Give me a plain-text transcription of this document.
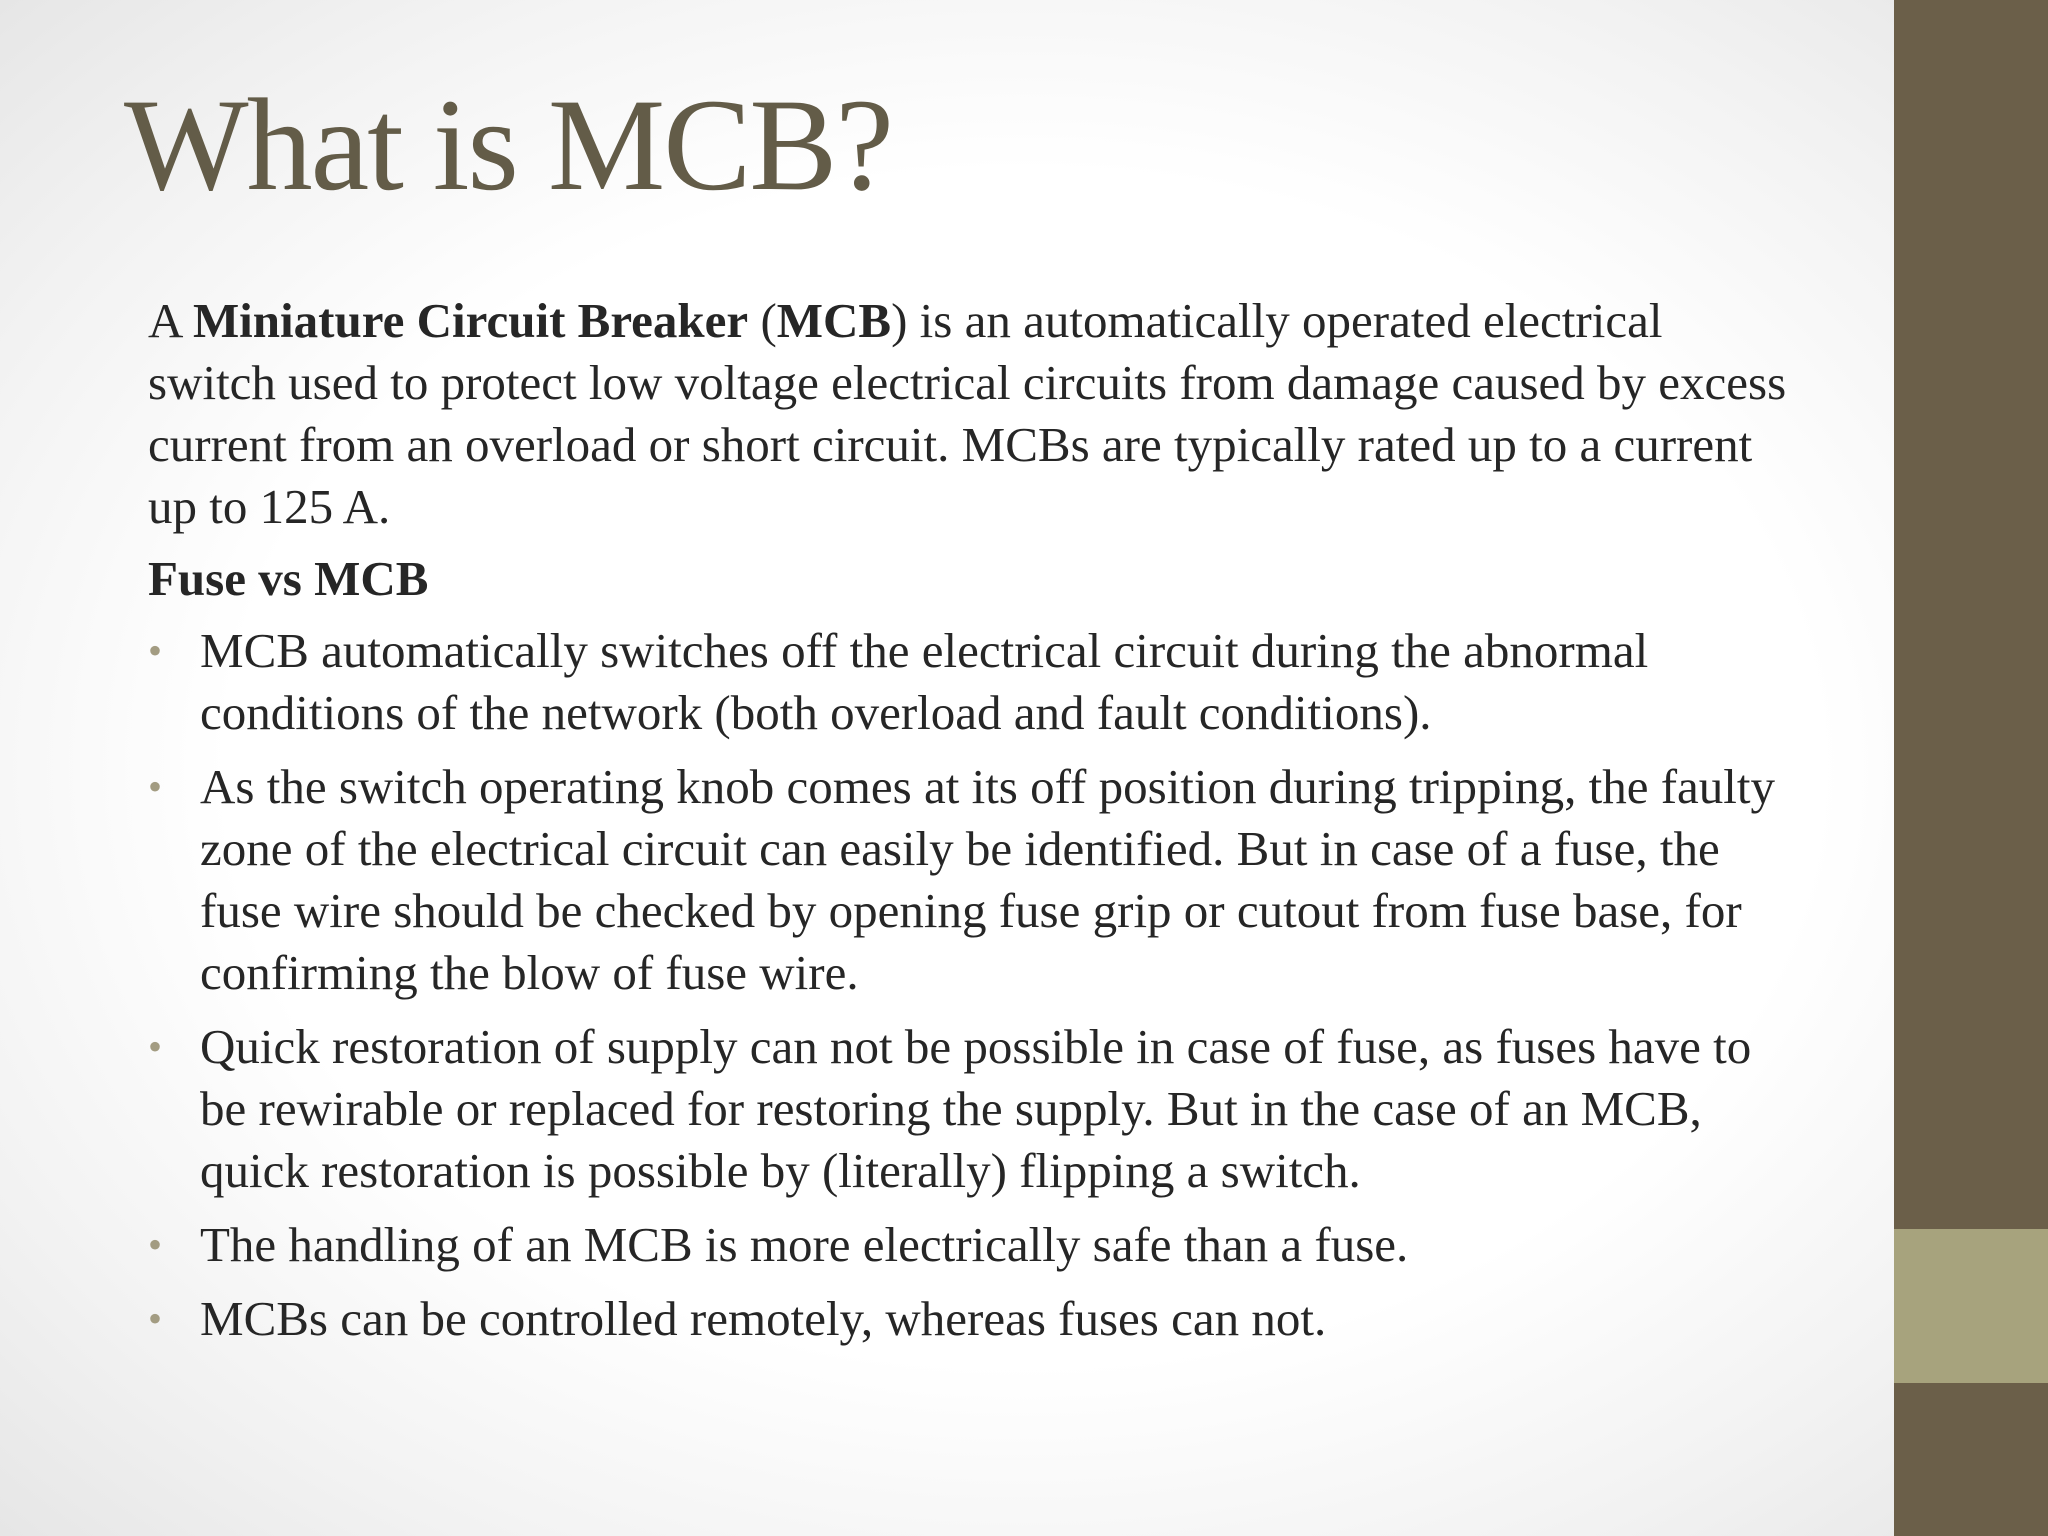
What is MCB?

A Miniature Circuit Breaker (MCB) is an automatically operated electrical switch used to protect low voltage electrical circuits from damage caused by excess current from an overload or short circuit. MCBs are typically rated up to a current up to 125 A.

Fuse vs MCB

• MCB automatically switches off the electrical circuit during the abnormal conditions of the network (both overload and fault conditions).
• As the switch operating knob comes at its off position during tripping, the faulty zone of the electrical circuit can easily be identified. But in case of a fuse, the fuse wire should be checked by opening fuse grip or cutout from fuse base, for confirming the blow of fuse wire.
• Quick restoration of supply can not be possible in case of fuse, as fuses have to be rewirable or replaced for restoring the supply. But in the case of an MCB, quick restoration is possible by (literally) flipping a switch.
• The handling of an MCB is more electrically safe than a fuse.
• MCBs can be controlled remotely, whereas fuses can not.
